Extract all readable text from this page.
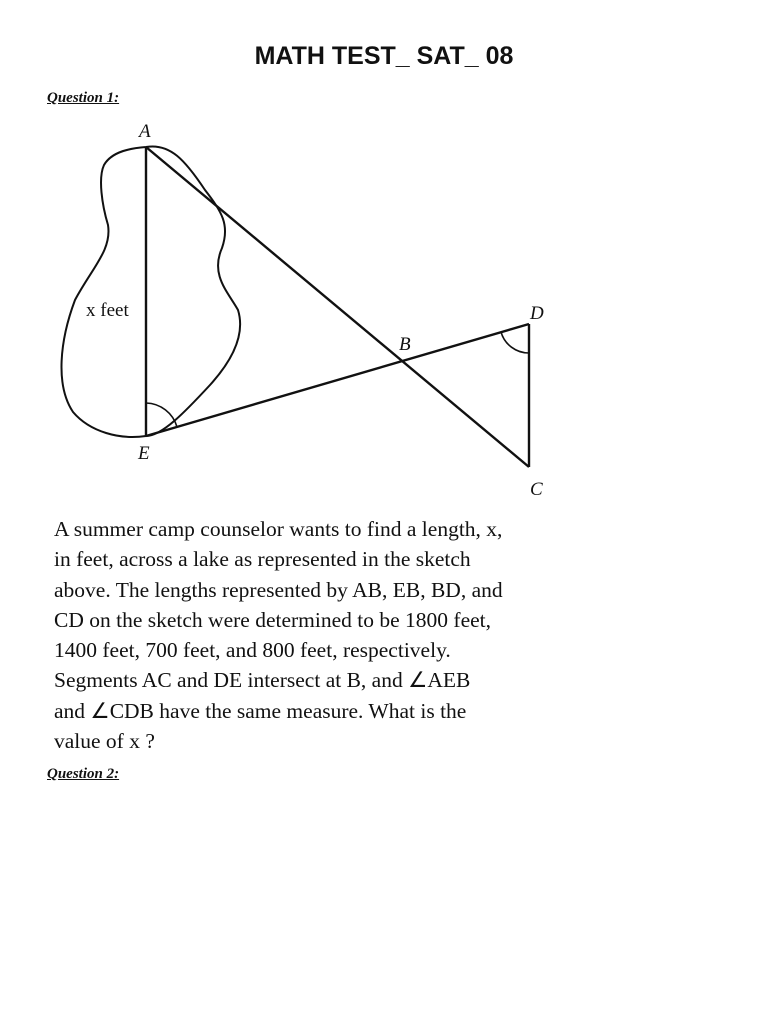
MATH TEST_ SAT_ 08
Question 1:
A
E
B
D
C
x feet
A summer camp counselor wants to find a length, x,
in feet, across a lake as represented in the sketch
above. The lengths represented by AB, EB, BD, and
CD on the sketch were determined to be 1800 feet,
1400 feet, 700 feet, and 800 feet, respectively.
Segments AC and DE intersect at B, and ∠AEB
and ∠CDB have the same measure. What is the
value of x ?
Question 2:
